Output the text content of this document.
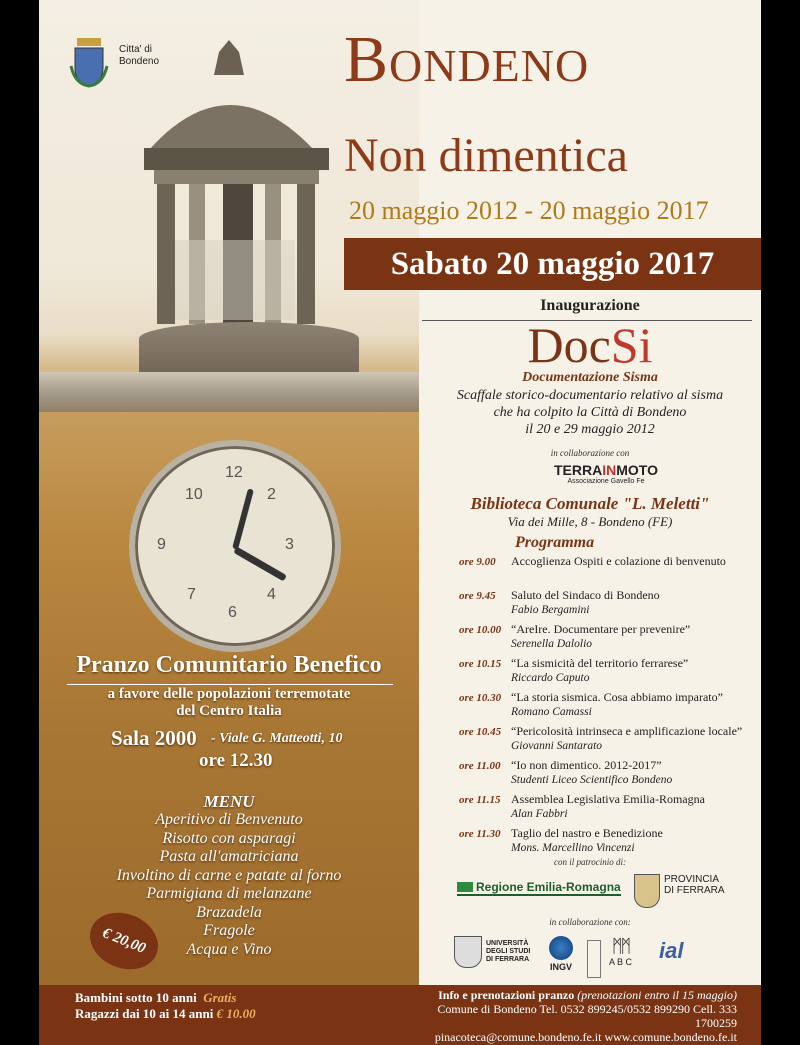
12
3
6
9
10	2
4
7
Citta' di
Bondeno	Bondeno
Non dimentica
20 maggio 2012 - 20 maggio 2017
Sabato 20 maggio 2017
Inaugurazione
DocSi
Documentazione Sisma
Scaffale storico-documentario relativo al sisma
che ha colpito la Città di Bondeno
il 20 e 29 maggio 2012
in collaborazione con
TERRAINMOTO
Associazione Gavello Fe
Biblioteca Comunale "L. Meletti"
Via dei Mille, 8 - Bondeno (FE)
Programma
ore 9.00 Accoglienza Ospiti e colazione di benvenuto
ore 9.45 Saluto del Sindaco di Bondeno
Fabio Bergamini
ore 10.00 “AreIre. Documentare per prevenire”
Serenella Dalolio
ore 10.15 “La sismicità del territorio ferrarese”
Riccardo Caputo
ore 10.30 “La storia sismica. Cosa abbiamo imparato”
Romano Camassi
ore 10.45 “Pericolosità intrinseca e amplificazione locale”
Giovanni Santarato
ore 11.00 “Io non dimentico. 2012-2017”
Studenti Liceo Scientifico Bondeno
ore 11.15 Assemblea Legislativa Emilia-Romagna
Alan Fabbri
ore 11.30 Taglio del nastro e Benedizione
Mons. Marcellino Vincenzi
con il patrocinio di:
Regione Emilia-Romagna
PROVINCIA
DI FERRARA
in collaborazione con:
UNIVERSITÀ
DEGLI STUDI
DI FERRARA
INGV
ᛗᛗ
A B C ial
Pranzo Comunitario Benefico
a favore delle popolazioni terremotate
del Centro Italia
Sala 2000 - Viale G. Matteotti, 10
ore 12.30
MENU
Aperitivo di Benvenuto
Risotto con asparagi
Pasta all'amatriciana
Involtino di carne e patate al forno
Parmigiana di melanzane
Brazadela
Fragole
Acqua e Vino
€ 20,00
Bambini sotto 10 anni Gratis
Ragazzi dai 10 ai 14 anni € 10.00
Info e prenotazioni pranzo (prenotazioni entro il 15 maggio)
Comune di Bondeno Tel. 0532 899245/0532 899290 Cell. 333 1700259
pinacoteca@comune.bondeno.fe.it www.comune.bondeno.fe.it
